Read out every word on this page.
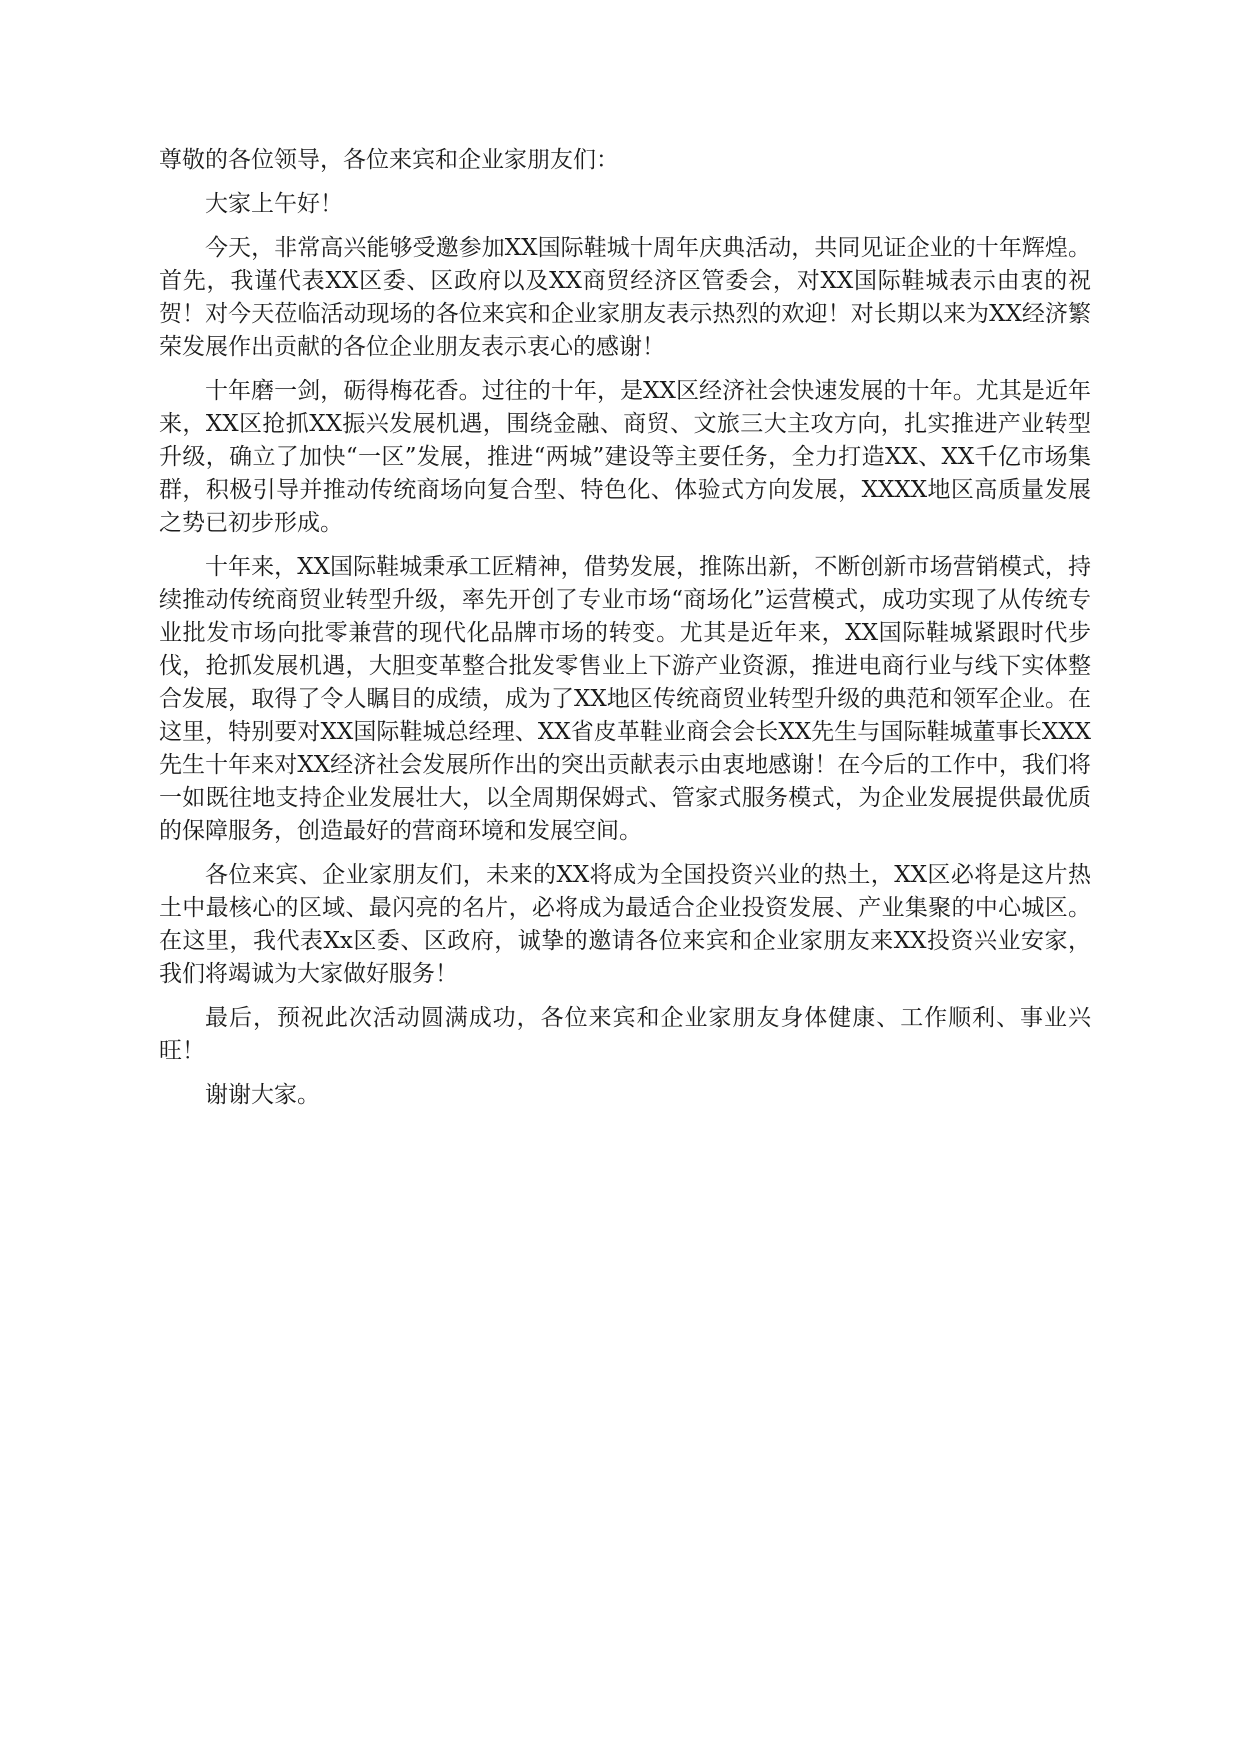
尊敬的各位领导，各位来宾和企业家朋友们：

大家上午好！

今天，非常高兴能够受邀参加XX国际鞋城十周年庆典活动，共同见证企业的十年辉煌。首先，我谨代表XX区委、区政府以及XX商贸经济区管委会，对XX国际鞋城表示由衷的祝贺！对今天莅临活动现场的各位来宾和企业家朋友表示热烈的欢迎！对长期以来为XX经济繁荣发展作出贡献的各位企业朋友表示衷心的感谢！

十年磨一剑，砺得梅花香。过往的十年，是XX区经济社会快速发展的十年。尤其是近年来，XX区抢抓XX振兴发展机遇，围绕金融、商贸、文旅三大主攻方向，扎实推进产业转型升级，确立了加快“一区”发展，推进“两城”建设等主要任务，全力打造XX、XX千亿市场集群，积极引导并推动传统商场向复合型、特色化、体验式方向发展，XXXX地区高质量发展之势已初步形成。

十年来，XX国际鞋城秉承工匠精神，借势发展，推陈出新，不断创新市场营销模式，持续推动传统商贸业转型升级，率先开创了专业市场“商场化”运营模式，成功实现了从传统专业批发市场向批零兼营的现代化品牌市场的转变。尤其是近年来，XX国际鞋城紧跟时代步伐，抢抓发展机遇，大胆变革整合批发零售业上下游产业资源，推进电商行业与线下实体整合发展，取得了令人瞩目的成绩，成为了XX地区传统商贸业转型升级的典范和领军企业。在这里，特别要对XX国际鞋城总经理、XX省皮革鞋业商会会长XX先生与国际鞋城董事长XXX先生十年来对XX经济社会发展所作出的突出贡献表示由衷地感谢！在今后的工作中，我们将一如既往地支持企业发展壮大，以全周期保姆式、管家式服务模式，为企业发展提供最优质的保障服务，创造最好的营商环境和发展空间。

各位来宾、企业家朋友们，未来的XX将成为全国投资兴业的热土，XX区必将是这片热土中最核心的区域、最闪亮的名片，必将成为最适合企业投资发展、产业集聚的中心城区。在这里，我代表Xx区委、区政府，诚挚的邀请各位来宾和企业家朋友来XX投资兴业安家，我们将竭诚为大家做好服务！

最后，预祝此次活动圆满成功，各位来宾和企业家朋友身体健康、工作顺利、事业兴旺！

谢谢大家。
